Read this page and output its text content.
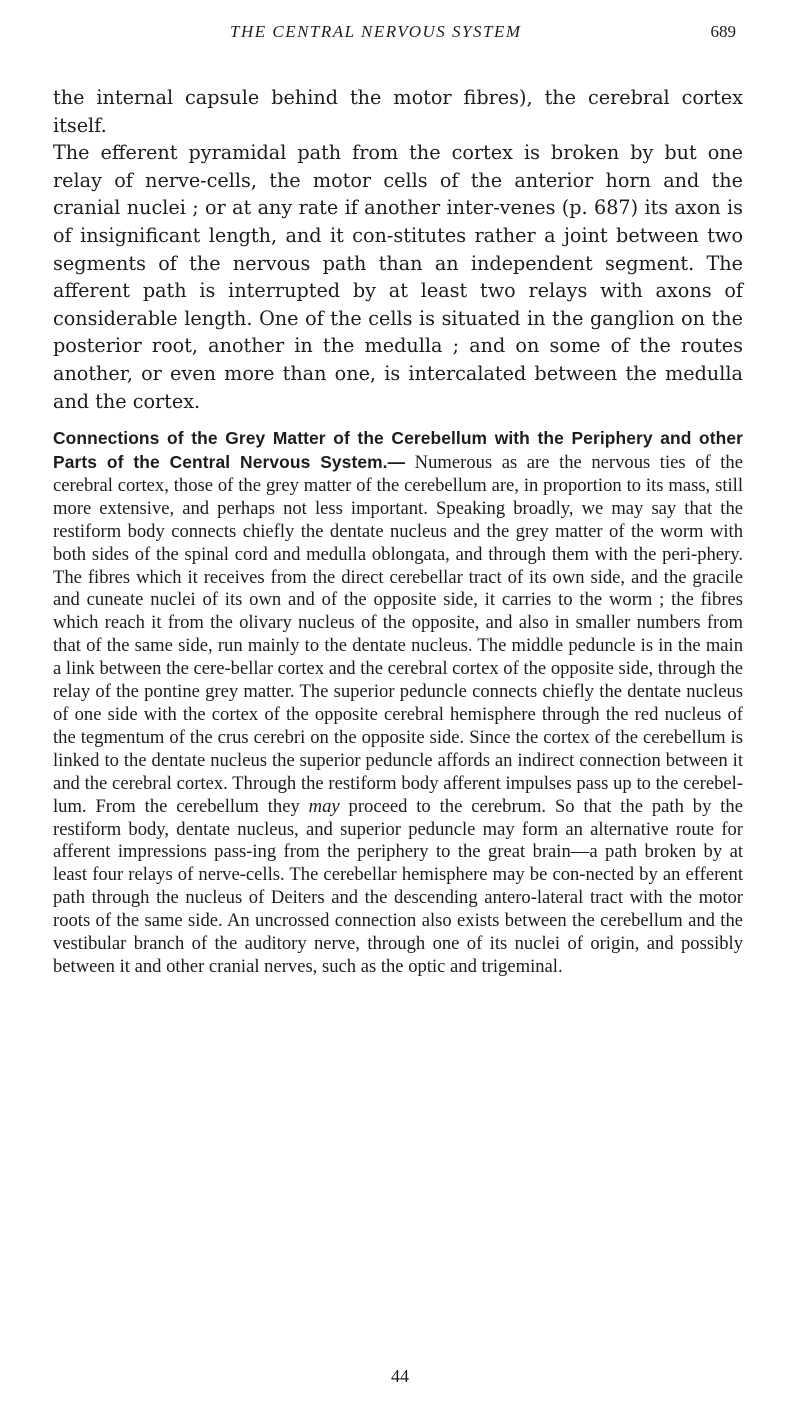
THE CENTRAL NERVOUS SYSTEM	689

the internal capsule behind the motor fibres), the cerebral cortex itself.

The efferent pyramidal path from the cortex is broken by but one relay of nerve-cells, the motor cells of the anterior horn and the cranial nuclei ; or at any rate if another inter-venes (p. 687) its axon is of insignificant length, and it con-stitutes rather a joint between two segments of the nervous path than an independent segment. The afferent path is interrupted by at least two relays with axons of considerable length. One of the cells is situated in the ganglion on the posterior root, another in the medulla ; and on some of the routes another, or even more than one, is intercalated between the medulla and the cortex.

Connections of the Grey Matter of the Cerebellum with the Periphery and other Parts of the Central Nervous System.— Numerous as are the nervous ties of the cerebral cortex, those of the grey matter of the cerebellum are, in proportion to its mass, still more extensive, and perhaps not less important. Speaking broadly, we may say that the restiform body connects chiefly the dentate nucleus and the grey matter of the worm with both sides of the spinal cord and medulla oblongata, and through them with the peri-phery. The fibres which it receives from the direct cerebellar tract of its own side, and the gracile and cuneate nuclei of its own and of the opposite side, it carries to the worm ; the fibres which reach it from the olivary nucleus of the opposite, and also in smaller numbers from that of the same side, run mainly to the dentate nucleus. The middle peduncle is in the main a link between the cere-bellar cortex and the cerebral cortex of the opposite side, through the relay of the pontine grey matter. The superior peduncle connects chiefly the dentate nucleus of one side with the cortex of the opposite cerebral hemisphere through the red nucleus of the tegmentum of the crus cerebri on the opposite side. Since the cortex of the cerebellum is linked to the dentate nucleus the superior peduncle affords an indirect connection between it and the cerebral cortex. Through the restiform body afferent impulses pass up to the cerebel-lum. From the cerebellum they may proceed to the cerebrum. So that the path by the restiform body, dentate nucleus, and superior peduncle may form an alternative route for afferent impressions pass-ing from the periphery to the great brain—a path broken by at least four relays of nerve-cells. The cerebellar hemisphere may be con-nected by an efferent path through the nucleus of Deiters and the descending antero-lateral tract with the motor roots of the same side. An uncrossed connection also exists between the cerebellum and the vestibular branch of the auditory nerve, through one of its nuclei of origin, and possibly between it and other cranial nerves, such as the optic and trigeminal.

44
